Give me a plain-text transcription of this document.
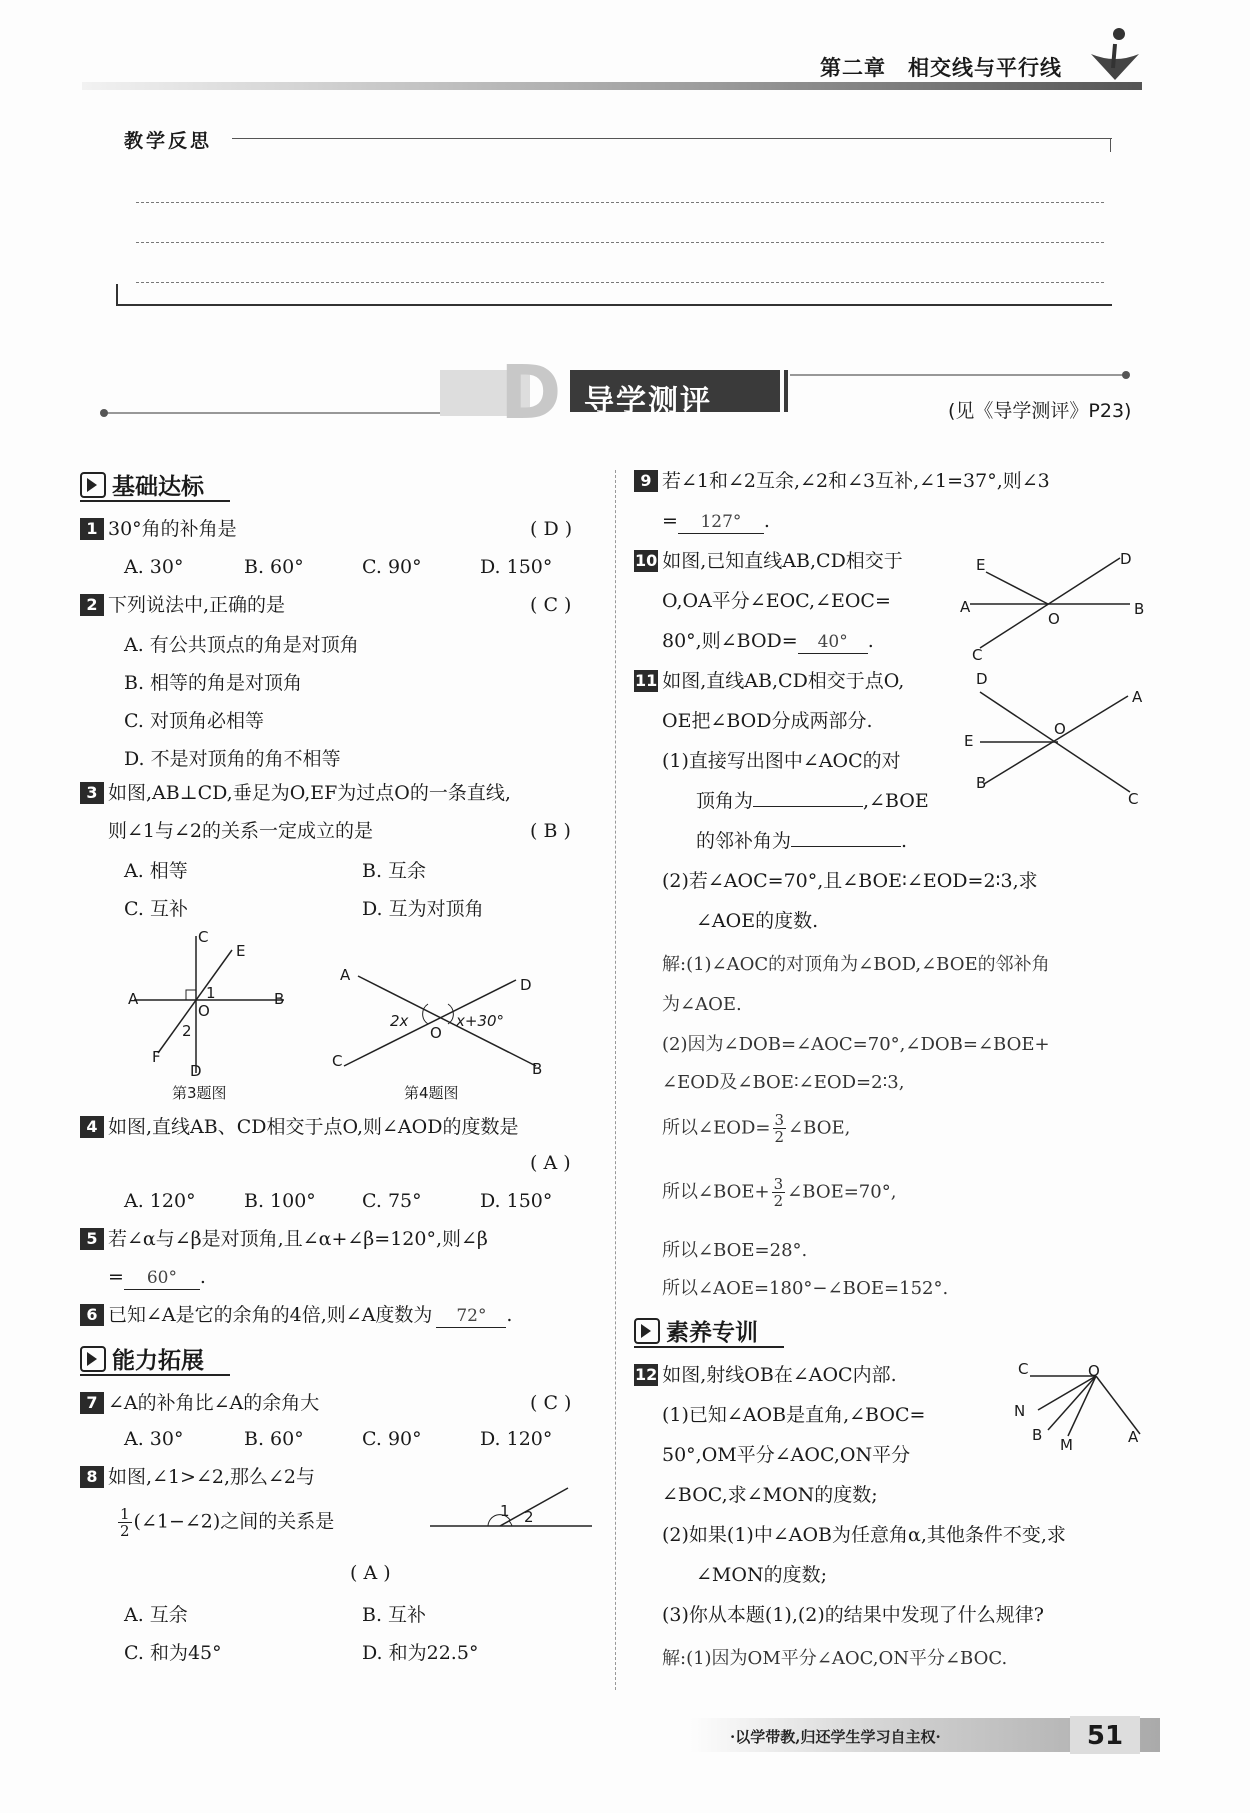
第二章　相交线与平行线
教学反思
D 导学测评	(见《导学测评》P23)
基础达标
1 30°角的补角是	( D )
A. 30°	B. 60°	C. 90°	D. 150°
2 下列说法中,正确的是	( C )
A. 有公共顶点的角是对顶角
B. 相等的角是对顶角
C. 对顶角必相等
D. 不是对顶角的角不相等
3 如图,AB⊥CD,垂足为O,EF为过点O的一条直线,
则∠1与∠2的关系一定成立的是	( B )
A. 相等	B. 互余
C. 互补	D. 互为对顶角
A	B
C
D
E
F
O
1
2
第3题图
A
D
C	B
O
2x	x+30°
第4题图
4 如图,直线AB、CD相交于点O,则∠AOD的度数是
( A )
A. 120°	B. 100° C. 75°	D. 150°
5 若∠α与∠β是对顶角,且∠α+∠β=120°,则∠β
= 60° .
6 已知∠A是它的余角的4倍,则∠A度数为 72° .
能力拓展
7 ∠A的补角比∠A的余角大	( C )
A. 30°	B. 60°	C. 90°	D. 120°
8 如图,∠1>∠2,那么∠2与
$\frac{1}{2}$ (∠1−∠2)之间的关系是	1 2
( A )
A. 互余	B. 互补
C. 和为45°	D. 和为22.5°
9 若∠1和∠2互余,∠2和∠3互补,∠1=37°,则∠3
= 127° .
10 如图,已知直线AB,CD相交于
O,OA平分∠EOC,∠EOC=
80°,则∠BOD= 40° .
E	D
A	B
O
C
11 如图,直线AB,CD相交于点O,
OE把∠BOD分成两部分.
(1)直接写出图中∠AOC的对
顶角为	,∠BOE
的邻补角为	.
D
A
E
O
B
C
(2)若∠AOC=70°,且∠BOE∶∠EOD=2∶3,求
∠AOE的度数.
解:(1)∠AOC的对顶角为∠BOD,∠BOE的邻补角
为∠AOE.
(2)因为∠DOB=∠AOC=70°,∠DOB=∠BOE+
∠EOD及∠BOE∶∠EOD=2∶3,
所以∠EOD= $\frac{3}{2}$ ∠BOE,
所以∠BOE+ $\frac{3}{2}$ ∠BOE=70°,
所以∠BOE=28°.
所以∠AOE=180°−∠BOE=152°.
素养专训
12 如图,射线OB在∠AOC内部.
(1)已知∠AOB是直角,∠BOC=
50°,OM平分∠AOC,ON平分
∠BOC,求∠MON的度数;
C	O
N
B
M	A
(2)如果(1)中∠AOB为任意角α,其他条件不变,求
∠MON的度数;
(3)你从本题(1),(2)的结果中发现了什么规律?
解:(1)因为OM平分∠AOC,ON平分∠BOC.
·以学带教,归还学生学习自主权·	51
